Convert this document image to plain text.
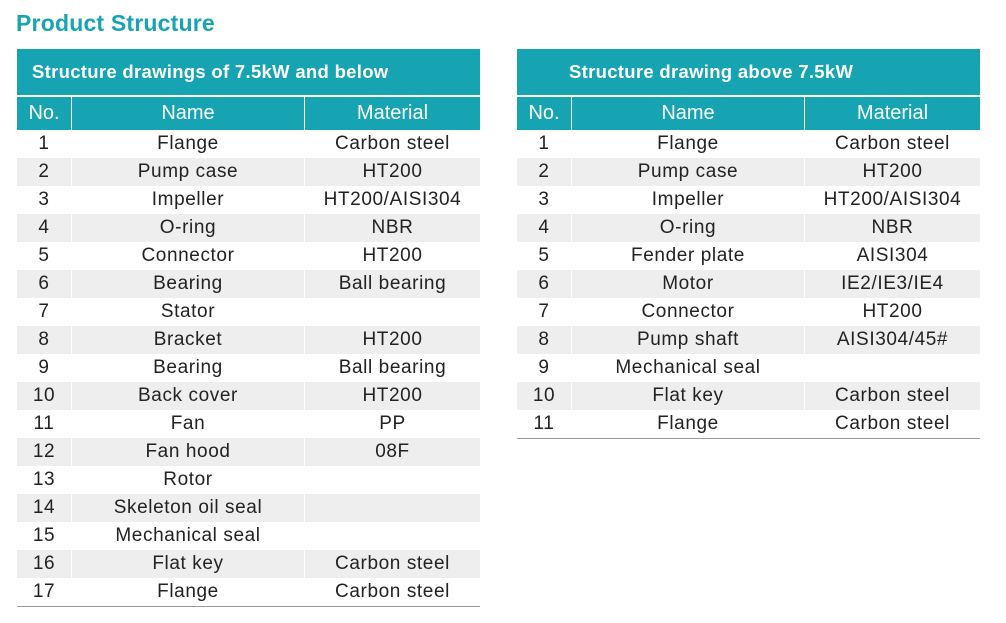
Product Structure
Structure drawings of 7.5kW and below
No.	Name	Material
1	Flange	Carbon steel
2	Pump case	HT200
3	Impeller	HT200/AISI304
4	O-ring	NBR
5	Connector	HT200
6	Bearing	Ball bearing
7	Stator
8	Bracket	HT200
9	Bearing	Ball bearing
10	Back cover	HT200
11	Fan	PP
12	Fan hood	08F
13	Rotor
14	Skeleton oil seal
15	Mechanical seal
16	Flat key	Carbon steel
17	Flange	Carbon steel
Structure drawing above 7.5kW
No.	Name	Material
1	Flange	Carbon steel
2	Pump case	HT200
3	Impeller	HT200/AISI304
4	O-ring	NBR
5	Fender plate	AISI304
6	Motor	IE2/IE3/IE4
7	Connector	HT200
8	Pump shaft	AISI304/45#
9	Mechanical seal
10	Flat key	Carbon steel
11	Flange	Carbon steel
